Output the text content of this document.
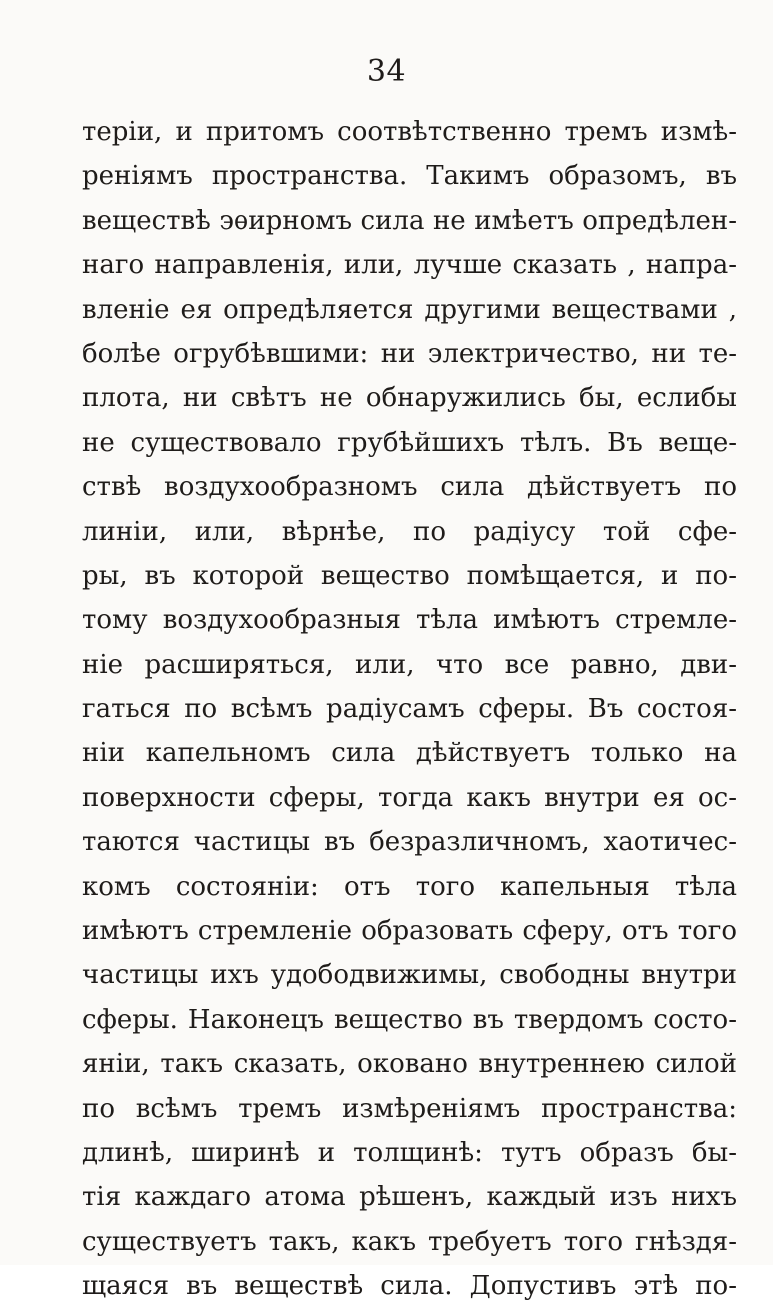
34
теріи, и притомъ соотвѣтственно тремъ измѣ-
реніямъ пространства. Такимъ образомъ, въ
веществѣ эѳирномъ сила не имѣетъ опредѣлен-
наго направленія, или, лучше сказать , напра-
вленіе ея опредѣляется другими веществами ,
болѣе огрубѣвшими: ни электричество, ни те-
плота, ни свѣтъ не обнаружились бы, еслибы
не существовало грубѣйшихъ тѣлъ. Въ веще-
ствѣ воздухообразномъ сила дѣйствуетъ по
линіи, или, вѣрнѣе, по радіусу той сфе-
ры, въ которой вещество помѣщается, и по-
тому воздухообразныя тѣла имѣютъ стремле-
ніе расширяться, или, что все равно, дви-
гаться по всѣмъ радіусамъ сферы. Въ состоя-
ніи капельномъ сила дѣйствуетъ только на
поверхности сферы, тогда какъ внутри ея ос-
таются частицы въ безразличномъ, хаотичес-
комъ состояніи: отъ того капельныя тѣла
имѣютъ стремленіе образовать сферу, отъ того
частицы ихъ удободвижимы, свободны внутри
сферы. Наконецъ вещество въ твердомъ состо-
яніи, такъ сказать, оковано внутреннею силой
по всѣмъ тремъ измѣреніямъ пространства:
длинѣ, ширинѣ и толщинѣ: тутъ образъ бы-
тія каждаго атома рѣшенъ, каждый изъ нихъ
существуетъ такъ, какъ требуетъ того гнѣздя-
щаяся въ веществѣ сила. Допустивъ этѣ по-
